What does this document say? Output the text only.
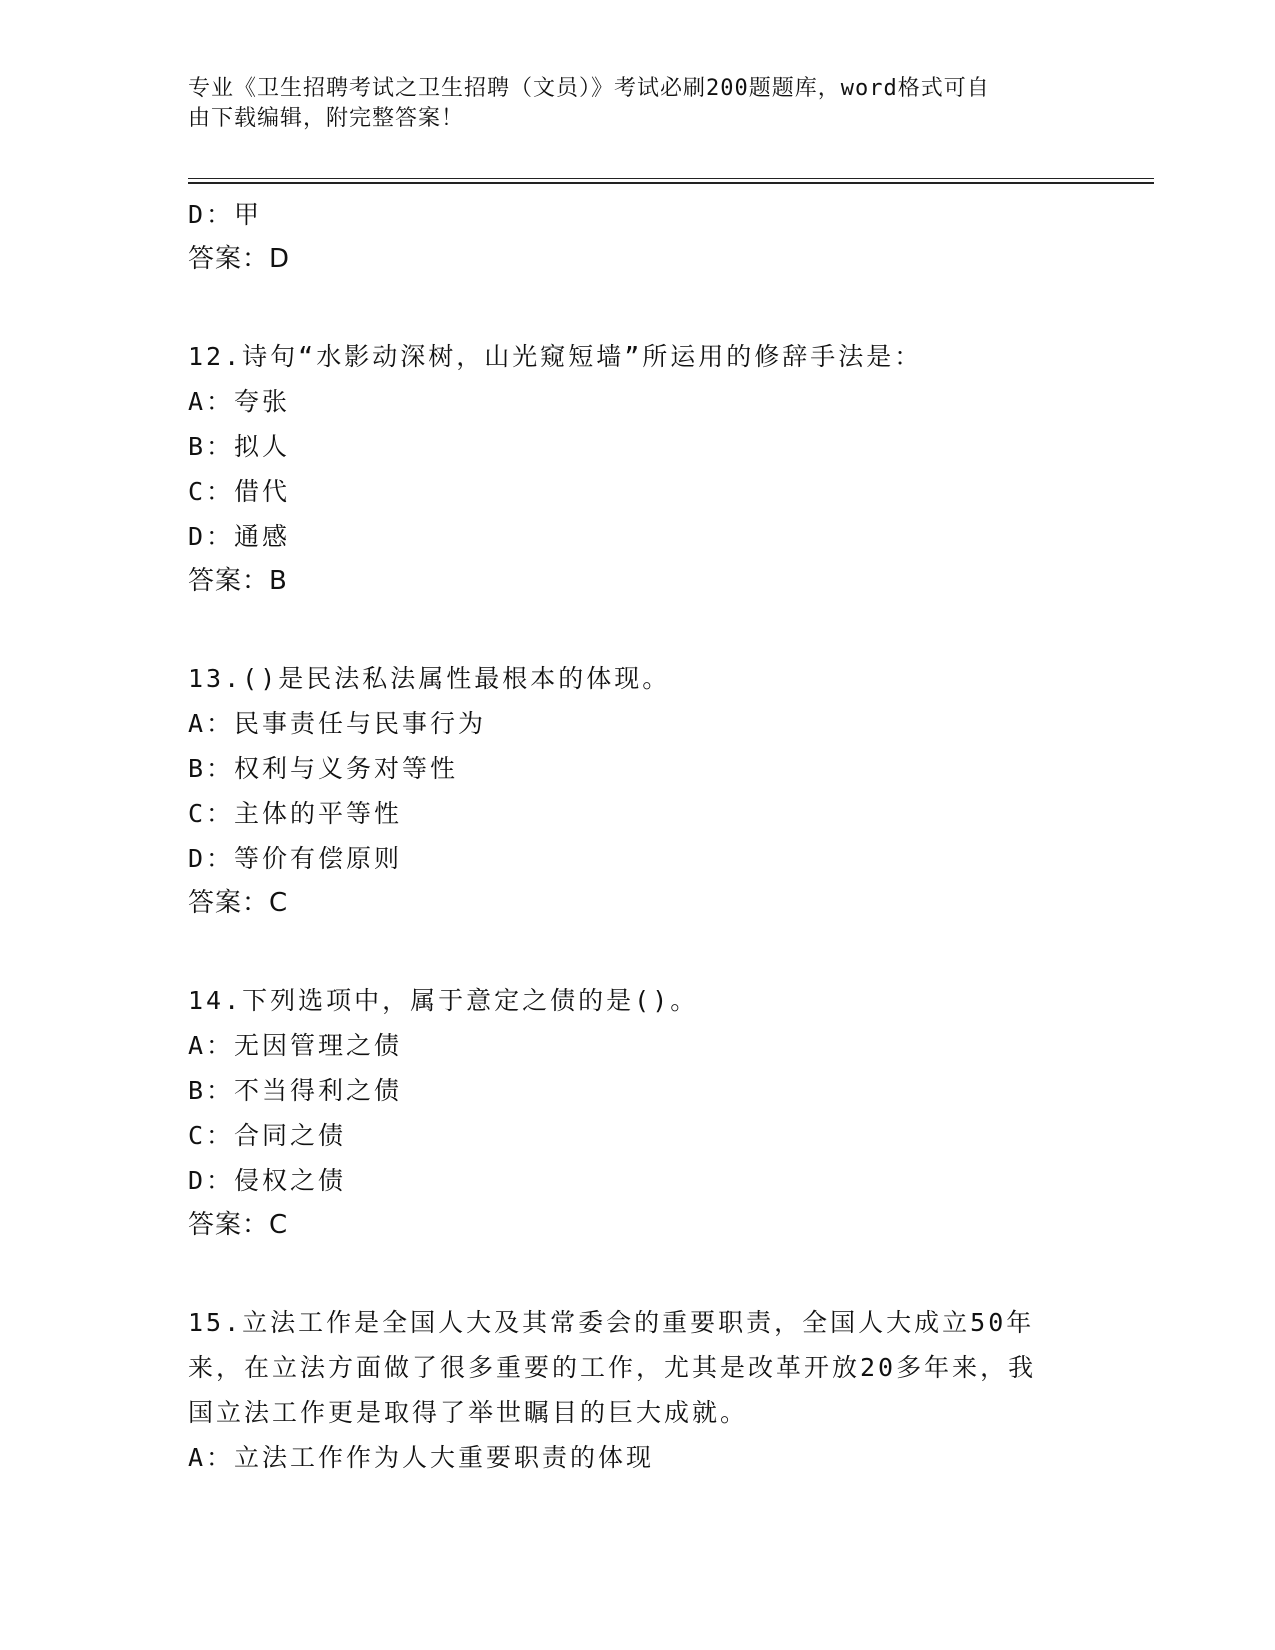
专业《卫生招聘考试之卫生招聘（文员）》考试必刷200题题库，word格式可自
由下载编辑，附完整答案！
D：甲
答案：D
12.诗句“水影动深树，山光窥短墙”所运用的修辞手法是：
A：夸张
B：拟人
C：借代
D：通感
答案：B
13.()是民法私法属性最根本的体现。
A：民事责任与民事行为
B：权利与义务对等性
C：主体的平等性
D：等价有偿原则
答案：C
14.下列选项中，属于意定之债的是()。
A：无因管理之债
B：不当得利之债
C：合同之债
D：侵权之债
答案：C
15.立法工作是全国人大及其常委会的重要职责，全国人大成立50年
来，在立法方面做了很多重要的工作，尤其是改革开放20多年来，我
国立法工作更是取得了举世瞩目的巨大成就。
A：立法工作作为人大重要职责的体现
